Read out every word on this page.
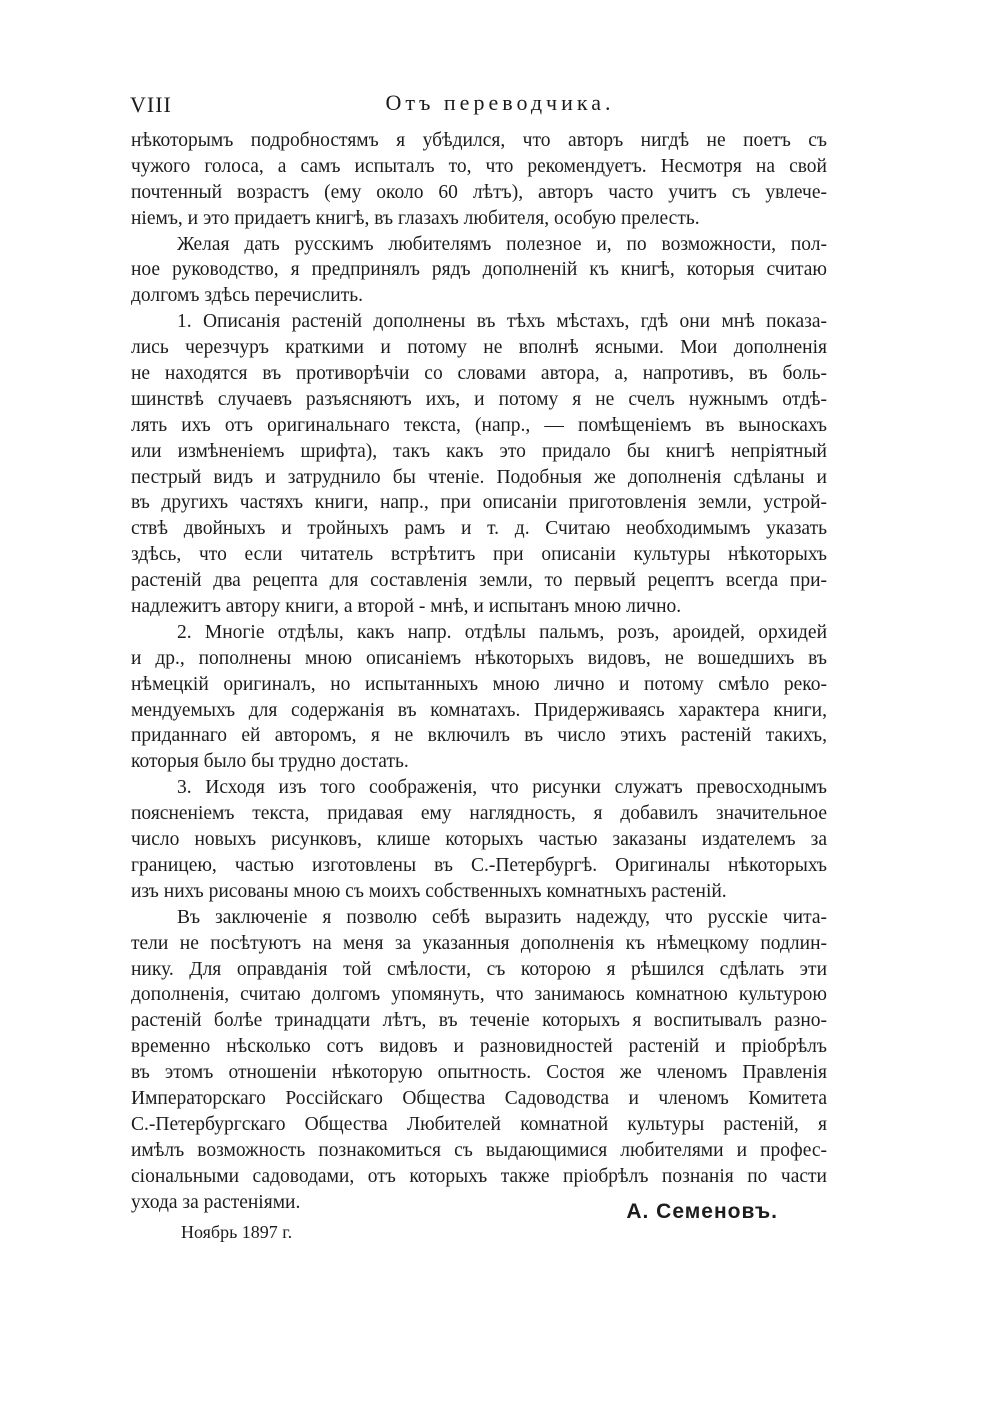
VIII	Отъ переводчика.
нѣкоторымъ подробностямъ я убѣдился, что авторъ нигдѣ не поетъ съ
чужого голоса, а самъ испыталъ то, что рекомендуетъ. Несмотря на свой
почтенный возрастъ (ему около 60 лѣтъ), авторъ часто учитъ съ увлече-
ніемъ, и это придаетъ книгѣ, въ глазахъ любителя, особую прелесть.
Желая дать русскимъ любителямъ полезное и, по возможности, пол-
ное руководство, я предпринялъ рядъ дополненій къ книгѣ, которыя считаю
долгомъ здѣсь перечислить.
1. Описанія растеній дополнены въ тѣхъ мѣстахъ, гдѣ они мнѣ показа-
лись черезчуръ краткими и потому не вполнѣ ясными. Мои дополненія
не находятся въ противорѣчіи со словами автора, а, напротивъ, въ боль-
шинствѣ случаевъ разъясняютъ ихъ, и потому я не счелъ нужнымъ отдѣ-
лять ихъ отъ оригинальнаго текста, (напр., — помѣщеніемъ въ выноскахъ
или измѣненіемъ шрифта), такъ какъ это придало бы книгѣ непріятный
пестрый видъ и затруднило бы чтеніе. Подобныя же дополненія сдѣланы и
въ другихъ частяхъ книги, напр., при описаніи приготовленія земли, устрой-
ствѣ двойныхъ и тройныхъ рамъ и т. д. Считаю необходимымъ указать
здѣсь, что если читатель встрѣтитъ при описаніи культуры нѣкоторыхъ
растеній два рецепта для составленія земли, то первый рецептъ всегда при-
надлежитъ автору книги, а второй - мнѣ, и испытанъ мною лично.
2. Многіе отдѣлы, какъ напр. отдѣлы пальмъ, розъ, ароидей, орхидей
и др., пополнены мною описаніемъ нѣкоторыхъ видовъ, не вошедшихъ въ
нѣмецкій оригиналъ, но испытанныхъ мною лично и потому смѣло реко-
мендуемыхъ для содержанія въ комнатахъ. Придерживаясь характера книги,
приданнаго ей авторомъ, я не включилъ въ число этихъ растеній такихъ,
которыя было бы трудно достать.
3. Исходя изъ того соображенія, что рисунки служатъ превосходнымъ
поясненіемъ текста, придавая ему наглядность, я добавилъ значительное
число новыхъ рисунковъ, клише которыхъ частью заказаны издателемъ за
границею, частью изготовлены въ С.-Петербургѣ. Оригиналы нѣкоторыхъ
изъ нихъ рисованы мною съ моихъ собственныхъ комнатныхъ растеній.
Въ заключеніе я позволю себѣ выразить надежду, что русскіе чита-
тели не посѣтуютъ на меня за указанныя дополненія къ нѣмецкому подлин-
нику. Для оправданія той смѣлости, съ которою я рѣшился сдѣлать эти
дополненія, считаю долгомъ упомянуть, что занимаюсь комнатною культурою
растеній болѣе тринадцати лѣтъ, въ теченіе которыхъ я воспитывалъ разно-
временно нѣсколько сотъ видовъ и разновидностей растеній и пріобрѣлъ
въ этомъ отношеніи нѣкоторую опытность. Состоя же членомъ Правленія
Императорскаго Россійскаго Общества Садоводства и членомъ Комитета
С.-Петербургскаго Общества Любителей комнатной культуры растеній, я
имѣлъ возможность познакомиться съ выдающимися любителями и профес-
сіональными садоводами, отъ которыхъ также пріобрѣлъ познанія по части
ухода за растеніями.	А. Семеновъ.
Ноябрь 1897 г.
